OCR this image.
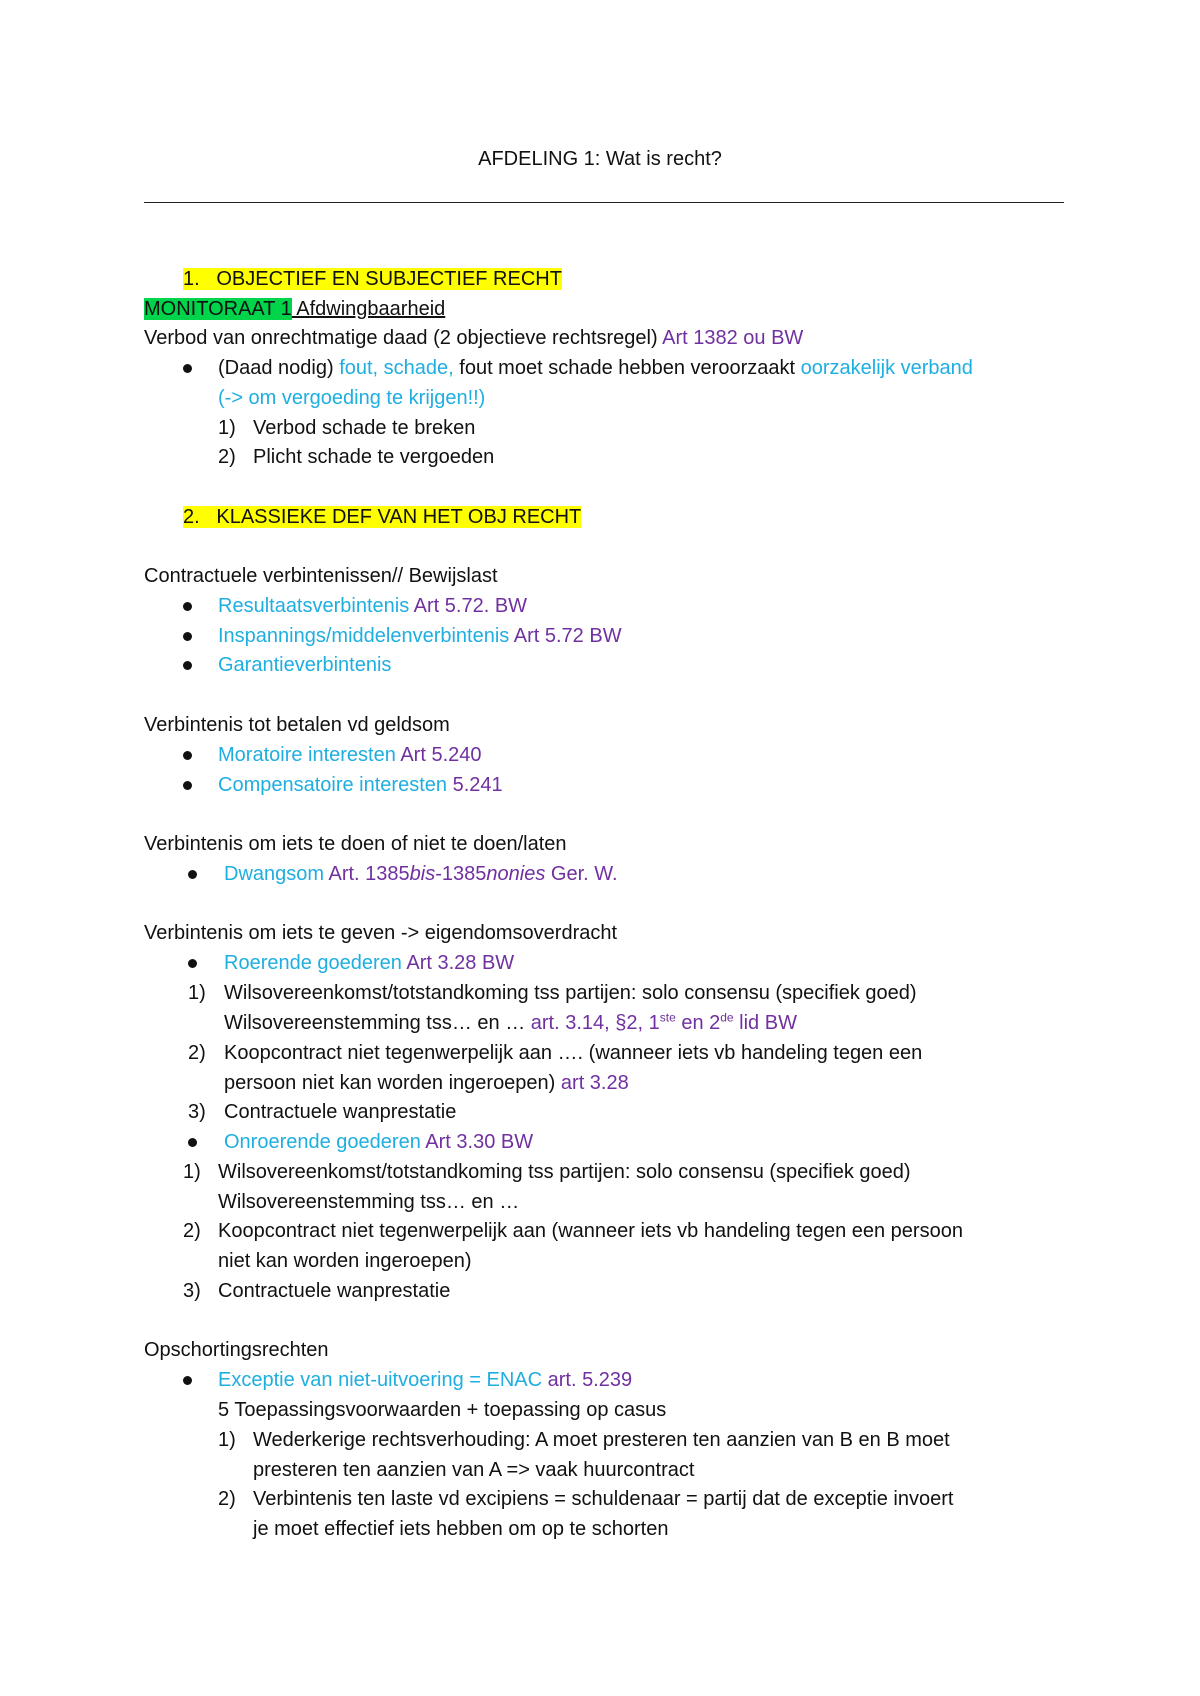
AFDELING 1: Wat is recht?
1. OBJECTIEF EN SUBJECTIEF RECHT
MONITORAAT 1 Afdwingbaarheid
Verbod van onrechtmatige daad (2 objectieve rechtsregel) Art 1382 ou BW
(Daad nodig) fout, schade, fout moet schade hebben veroorzaakt oorzakelijk verband
(-> om vergoeding te krijgen!!)
1) Verbod schade te breken
2) Plicht schade te vergoeden
2. KLASSIEKE DEF VAN HET OBJ RECHT
Contractuele verbintenissen// Bewijslast
Resultaatsverbintenis Art 5.72. BW
Inspannings/middelenverbintenis Art 5.72 BW
Garantieverbintenis
Verbintenis tot betalen vd geldsom
Moratoire interesten Art 5.240
Compensatoire interesten 5.241
Verbintenis om iets te doen of niet te doen/laten
Dwangsom Art. 1385bis-1385nonies Ger. W.
Verbintenis om iets te geven -> eigendomsoverdracht
Roerende goederen Art 3.28 BW
1) Wilsovereenkomst/totstandkoming tss partijen: solo consensu (specifiek goed)
Wilsovereenstemming tss… en … art. 3.14, §2, 1ste en 2de lid BW
2) Koopcontract niet tegenwerpelijk aan …. (wanneer iets vb handeling tegen een
persoon niet kan worden ingeroepen) art 3.28
3) Contractuele wanprestatie
Onroerende goederen Art 3.30 BW
1) Wilsovereenkomst/totstandkoming tss partijen: solo consensu (specifiek goed)
Wilsovereenstemming tss… en …
2) Koopcontract niet tegenwerpelijk aan (wanneer iets vb handeling tegen een persoon
niet kan worden ingeroepen)
3) Contractuele wanprestatie
Opschortingsrechten
Exceptie van niet-uitvoering = ENAC art. 5.239
5 Toepassingsvoorwaarden + toepassing op casus
1) Wederkerige rechtsverhouding: A moet presteren ten aanzien van B en B moet
presteren ten aanzien van A => vaak huurcontract
2) Verbintenis ten laste vd excipiens = schuldenaar = partij dat de exceptie invoert
je moet effectief iets hebben om op te schorten
